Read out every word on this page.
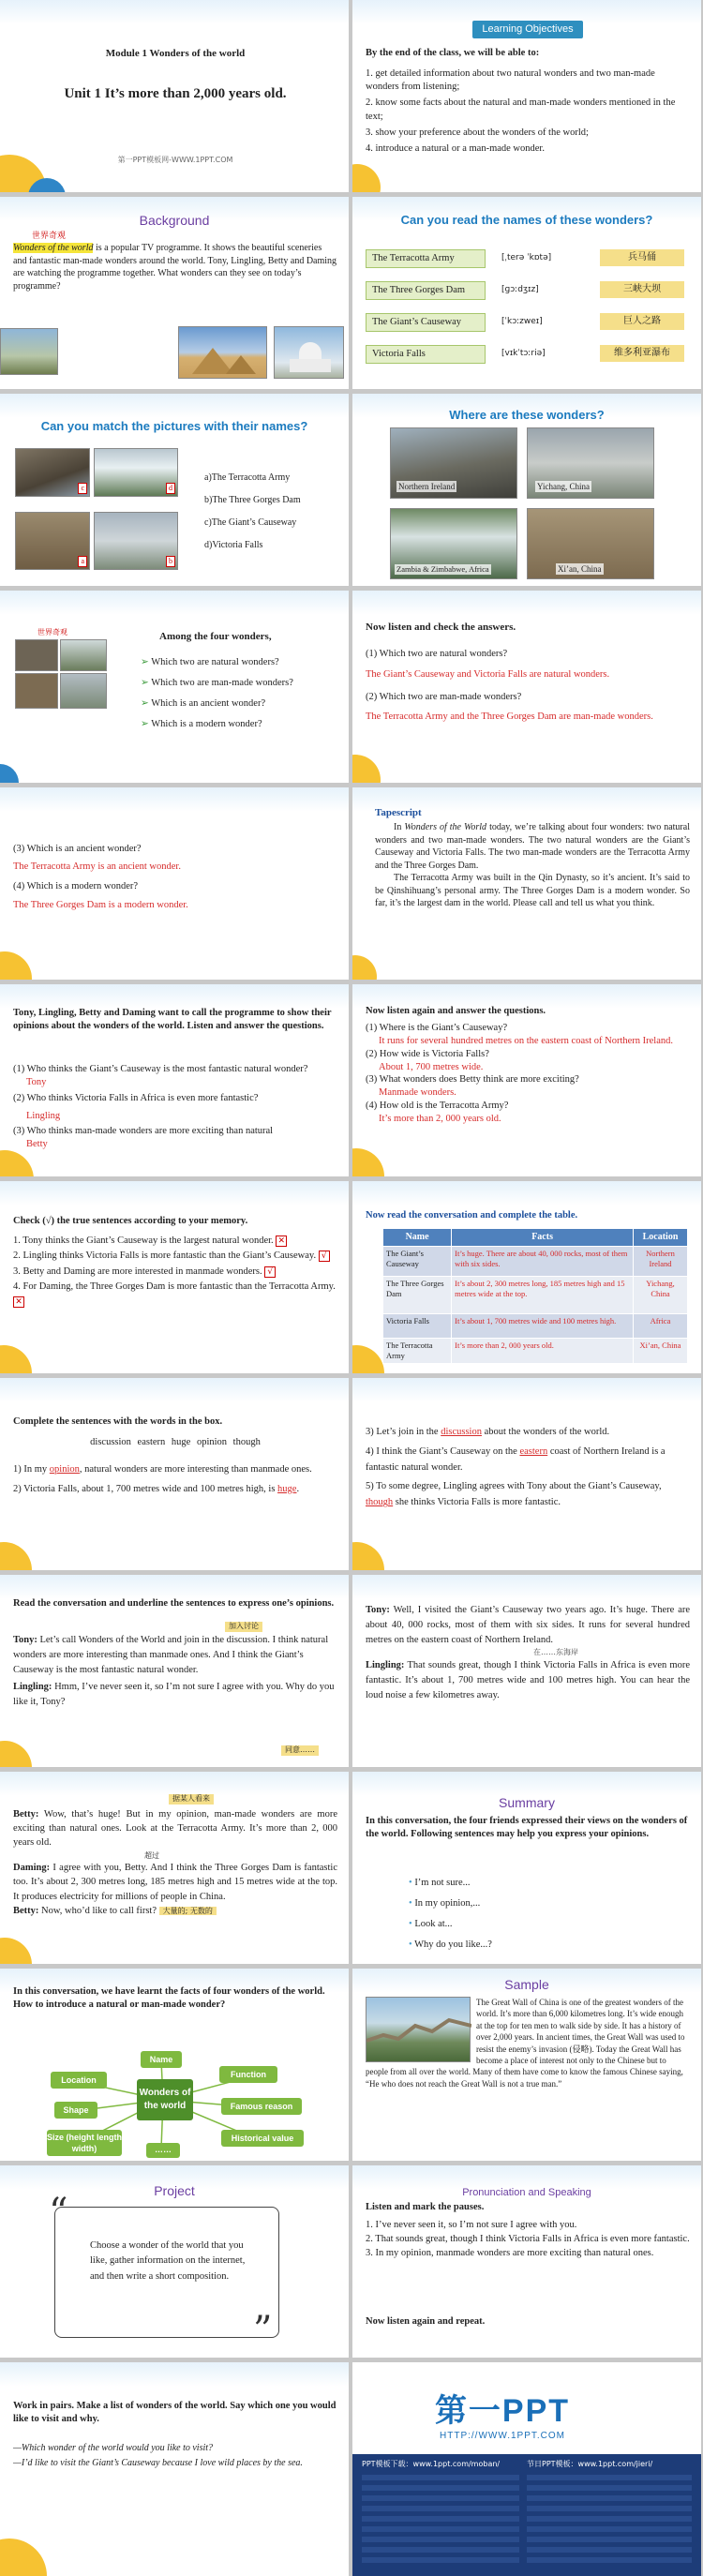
Module 1 Wonders of the world
Unit 1 It’s more than 2,000 years old.
第一PPT模板网-WWW.1PPT.COM
Learning Objectives
By the end of the class, we will be able to:
1. get detailed information about two natural wonders and two man-made wonders from listening;
2. know some facts about the natural and man-made wonders mentioned in the text;
3. show your preference about the wonders of the world;
4. introduce a natural or a man-made wonder.
Background
世界奇观
Wonders of the world is a popular TV programme. It shows the beautiful sceneries and fantastic man-made wonders around the world. Tony, Lingling, Betty and Daming are watching the programme together. What wonders can they see on today’s programme?
Can you read the names of these wonders?
The Terracotta Army	[ˌterə ˈkɒtə]	兵马俑
The Three Gorges Dam	[ɡɔːdʒɪz]	三峡大坝
The Giant’s Causeway	[ˈkɔːzweɪ]	巨人之路
Victoria Falls	[vɪkˈtɔːriə]	维多利亚瀑布
Can you match the pictures with their names?
c	d
a	b
a)The Terracotta Army
b)The Three Gorges Dam
c)The Giant’s Causeway
d)Victoria Falls
Where are these wonders?
Northern Ireland	Yichang, China
Zambia & Zimbabwe, Africa	Xi’an, China
世界奇观	Among the four wonders,
➢ Which two are natural wonders?
➢ Which two are man-made wonders?
➢ Which is an ancient wonder?
➢ Which is a modern wonder?
Now listen and check the answers.
(1) Which two are natural wonders?
The Giant’s Causeway and Victoria Falls are natural wonders.
(2) Which two are man-made wonders?
The Terracotta Army and the Three Gorges Dam are man-made wonders.
(3) Which is an ancient wonder?
The Terracotta Army is an ancient wonder.
(4) Which is a modern wonder?
The Three Gorges Dam is a modern wonder.
Tapescript
In Wonders of the World today, we’re talking about four wonders: two natural wonders and two man-made wonders. The two natural wonders are the Giant’s Causeway and Victoria Falls. The two man-made wonders are the Terracotta Army and the Three Gorges Dam.
The Terracotta Army was built in the Qin Dynasty, so it’s ancient. It’s said to be Qinshihuang’s personal army. The Three Gorges Dam is a modern wonder. So far, it’s the largest dam in the world. Please call and tell us what you think.
Tony, Lingling, Betty and Daming want to call the programme to show their opinions about the wonders of the world. Listen and answer the questions.
(1) Who thinks the Giant’s Causeway is the most fantastic natural wonder?
Tony
(2) Who thinks Victoria Falls in Africa is even more fantastic?
Lingling
(3) Who thinks man-made wonders are more exciting than natural
Betty
Now listen again and answer the questions.
(1) Where is the Giant’s Causeway?
It runs for several hundred metres on the eastern coast of Northern Ireland.
(2) How wide is Victoria Falls?
About 1, 700 metres wide.
(3) What wonders does Betty think are more exciting?
Manmade wonders.
(4) How old is the Terracotta Army?
It’s more than 2, 000 years old.
Check (√) the true sentences according to your memory.
1. Tony thinks the Giant’s Causeway is the largest natural wonder. ✕
2. Lingling thinks Victoria Falls is more fantastic than the Giant’s Causeway. √
3. Betty and Daming are more interested in manmade wonders. √
4. For Daming, the Three Gorges Dam is more fantastic than the Terracotta Army. ✕
Now read the conversation and complete the table.
Name	Facts	Location
The Giant’s Causeway	It’s huge. There are about 40, 000 rocks, most of them with six sides.	Northern Ireland
The Three Gorges Dam	It’s about 2, 300 metres long, 185 metres high and 15 metres wide at the top.	Yichang, China
Victoria Falls	It’s about 1, 700 metres wide and 100 metres high.	Africa
The Terracotta Army	It’s more than 2, 000 years old.	Xi’an, China
Complete the sentences with the words in the box.
discussion eastern huge opinion though
1) In my opinion, natural wonders are more interesting than manmade ones.
2) Victoria Falls, about 1, 700 metres wide and 100 metres high, is huge.
3) Let’s join in the discussion about the wonders of the world.
4) I think the Giant’s Causeway on the eastern coast of Northern Ireland is a fantastic natural wonder.
5) To some degree, Lingling agrees with Tony about the Giant’s Causeway, though she thinks Victoria Falls is more fantastic.
Read the conversation and underline the sentences to express one’s opinions.
加入讨论
Tony: Let’s call Wonders of the World and join in the discussion. I think natural wonders are more interesting than manmade ones. And I think the Giant’s Causeway is the most fantastic natural wonder.
Lingling: Hmm, I’ve never seen it, so I’m not sure I agree with you. Why do you like it, Tony?
同意……
Tony: Well, I visited the Giant’s Causeway two years ago. It’s huge. There are about 40, 000 rocks, most of them with six sides. It runs for several hundred metres on the eastern coast of Northern Ireland.
在……东海岸
Lingling: That sounds great, though I think Victoria Falls in Africa is even more fantastic. It’s about 1, 700 metres wide and 100 metres high. You can hear the loud noise a few kilometres away.
据某人看来
Betty: Wow, that’s huge! But in my opinion, man-made wonders are more exciting than natural ones. Look at the Terracotta Army. It’s more than 2, 000 years old.
超过
Daming: I agree with you, Betty. And I think the Three Gorges Dam is fantastic too. It’s about 2, 300 metres long, 185 metres high and 15 metres wide at the top. It produces electricity for millions of people in China.
Betty: Now, who’d like to call first? 大量的; 无数的
Summary
In this conversation, the four friends expressed their views on the wonders of the world. Following sentences may help you express your opinions.
• I’m not sure...
• In my opinion,...
• Look at...
• Why do you like...?
In this conversation, we have learnt the facts of four wonders of the world. How to introduce a natural or man-made wonder?
Wonders of the world
Name
Function
Location
Famous reason
Shape
Historical value
Size (height length width)	……
Sample
The Great Wall of China is one of the greatest wonders of the world. It’s more than 6,000 kilometres long. It’s wide enough at the top for ten men to walk side by side. It has a history of over 2,000 years. In ancient times, the Great Wall was used to resist the enemy’s invasion (侵略). Today the Great Wall has become a place of interest not only to the Chinese but to people from all over the world. Many of them have come to know the famous Chinese saying, “He who does not reach the Great Wall is not a true man.”
Project
“
”
Choose a wonder of the world that you like, gather information on the internet, and then write a short composition.
Pronunciation and Speaking
Listen and mark the pauses.
1. I’ve never seen it, so I’m not sure I agree with you.
2. That sounds great, though I think Victoria Falls in Africa is even more fantastic.
3. In my opinion, manmade wonders are more exciting than natural ones.
Now listen again and repeat.
Work in pairs. Make a list of wonders of the world. Say which one you would like to visit and why.
—Which wonder of the world would you like to visit?
—I’d like to visit the Giant’s Causeway because I love wild places by the sea.
第一PPT
HTTP://WWW.1PPT.COM
PPT模板下载：www.1ppt.com/moban/	节日PPT模板：www.1ppt.com/jieri/
